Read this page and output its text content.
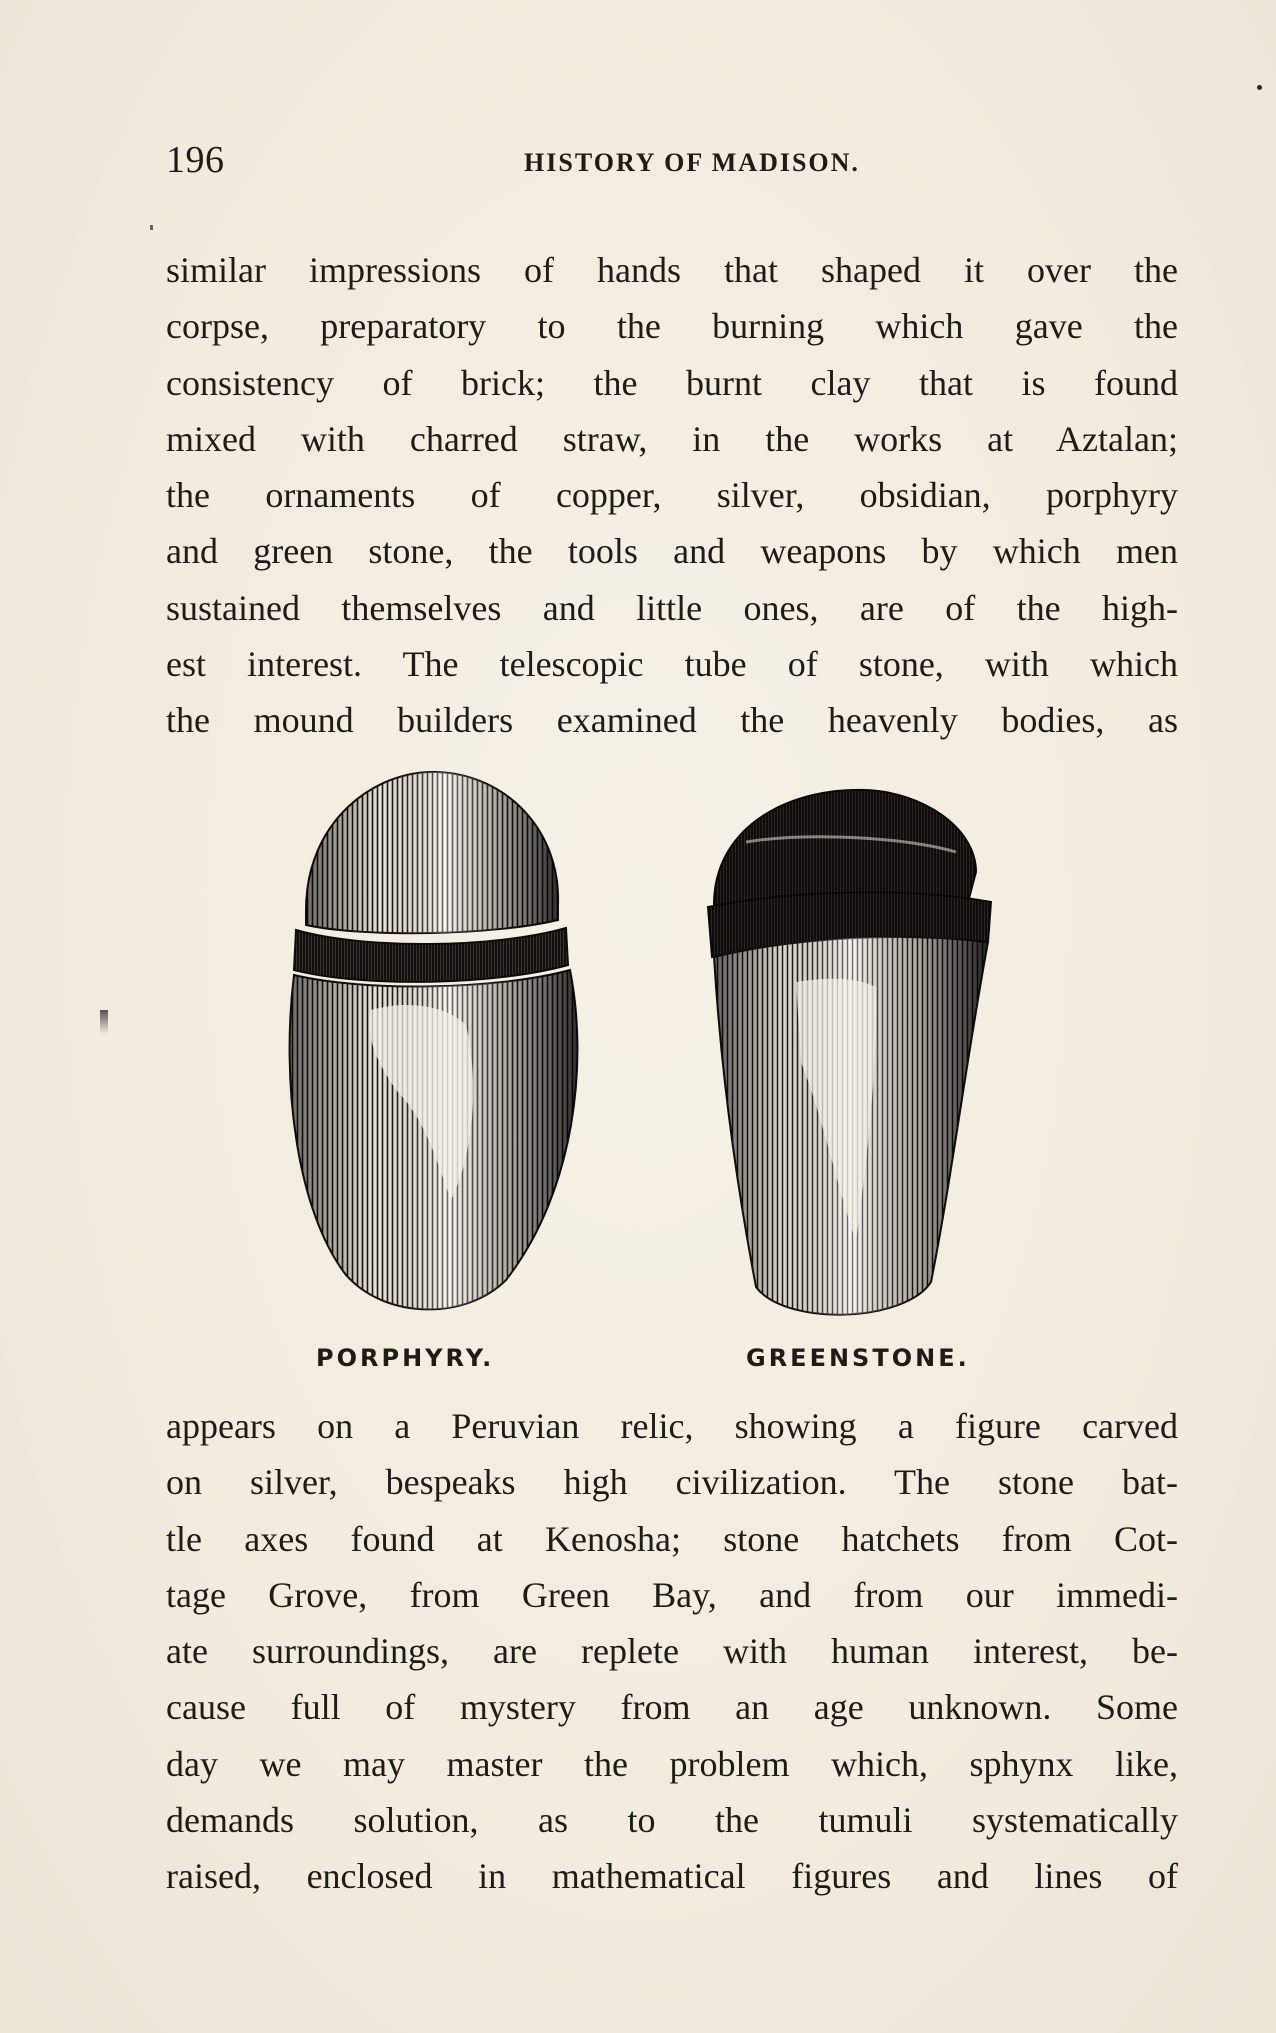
196	HISTORY OF MADISON.
similar impressions of hands that shaped it over the
corpse, preparatory to the burning which gave the
consistency of brick; the burnt clay that is found
mixed with charred straw, in the works at Aztalan;
the ornaments of copper, silver, obsidian, porphyry
and green stone, the tools and weapons by which men
sustained themselves and little ones, are of the high-
est interest. The telescopic tube of stone, with which
the mound builders examined the heavenly bodies, as
PORPHYRY.	GREENSTONE.
appears on a Peruvian relic, showing a figure carved
on silver, bespeaks high civilization. The stone bat-
tle axes found at Kenosha; stone hatchets from Cot-
tage Grove, from Green Bay, and from our immedi-
ate surroundings, are replete with human interest, be-
cause full of mystery from an age unknown. Some
day we may master the problem which, sphynx like,
demands solution, as to the tumuli systematically
raised, enclosed in mathematical figures and lines of
